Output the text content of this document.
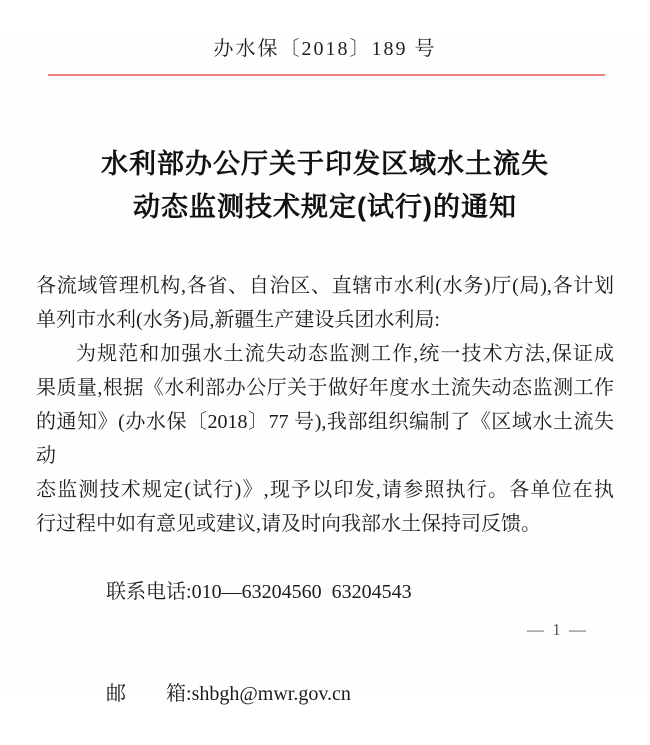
办水保〔2018〕189 号
水利部办公厅关于印发区域水土流失
动态监测技术规定(试行)的通知
各流域管理机构,各省、自治区、直辖市水利(水务)厅(局),各计划
单列市水利(水务)局,新疆生产建设兵团水利局:
为规范和加强水土流失动态监测工作,统一技术方法,保证成
果质量,根据《水利部办公厅关于做好年度水土流失动态监测工作
的通知》(办水保〔2018〕77 号),我部组织编制了《区域水土流失动
态监测技术规定(试行)》,现予以印发,请参照执行。各单位在执
行过程中如有意见或建议,请及时向我部水土保持司反馈。

联系电话:010—63204560  63204543

邮　　箱:shbgh@mwr.gov.cn

— 1 —
